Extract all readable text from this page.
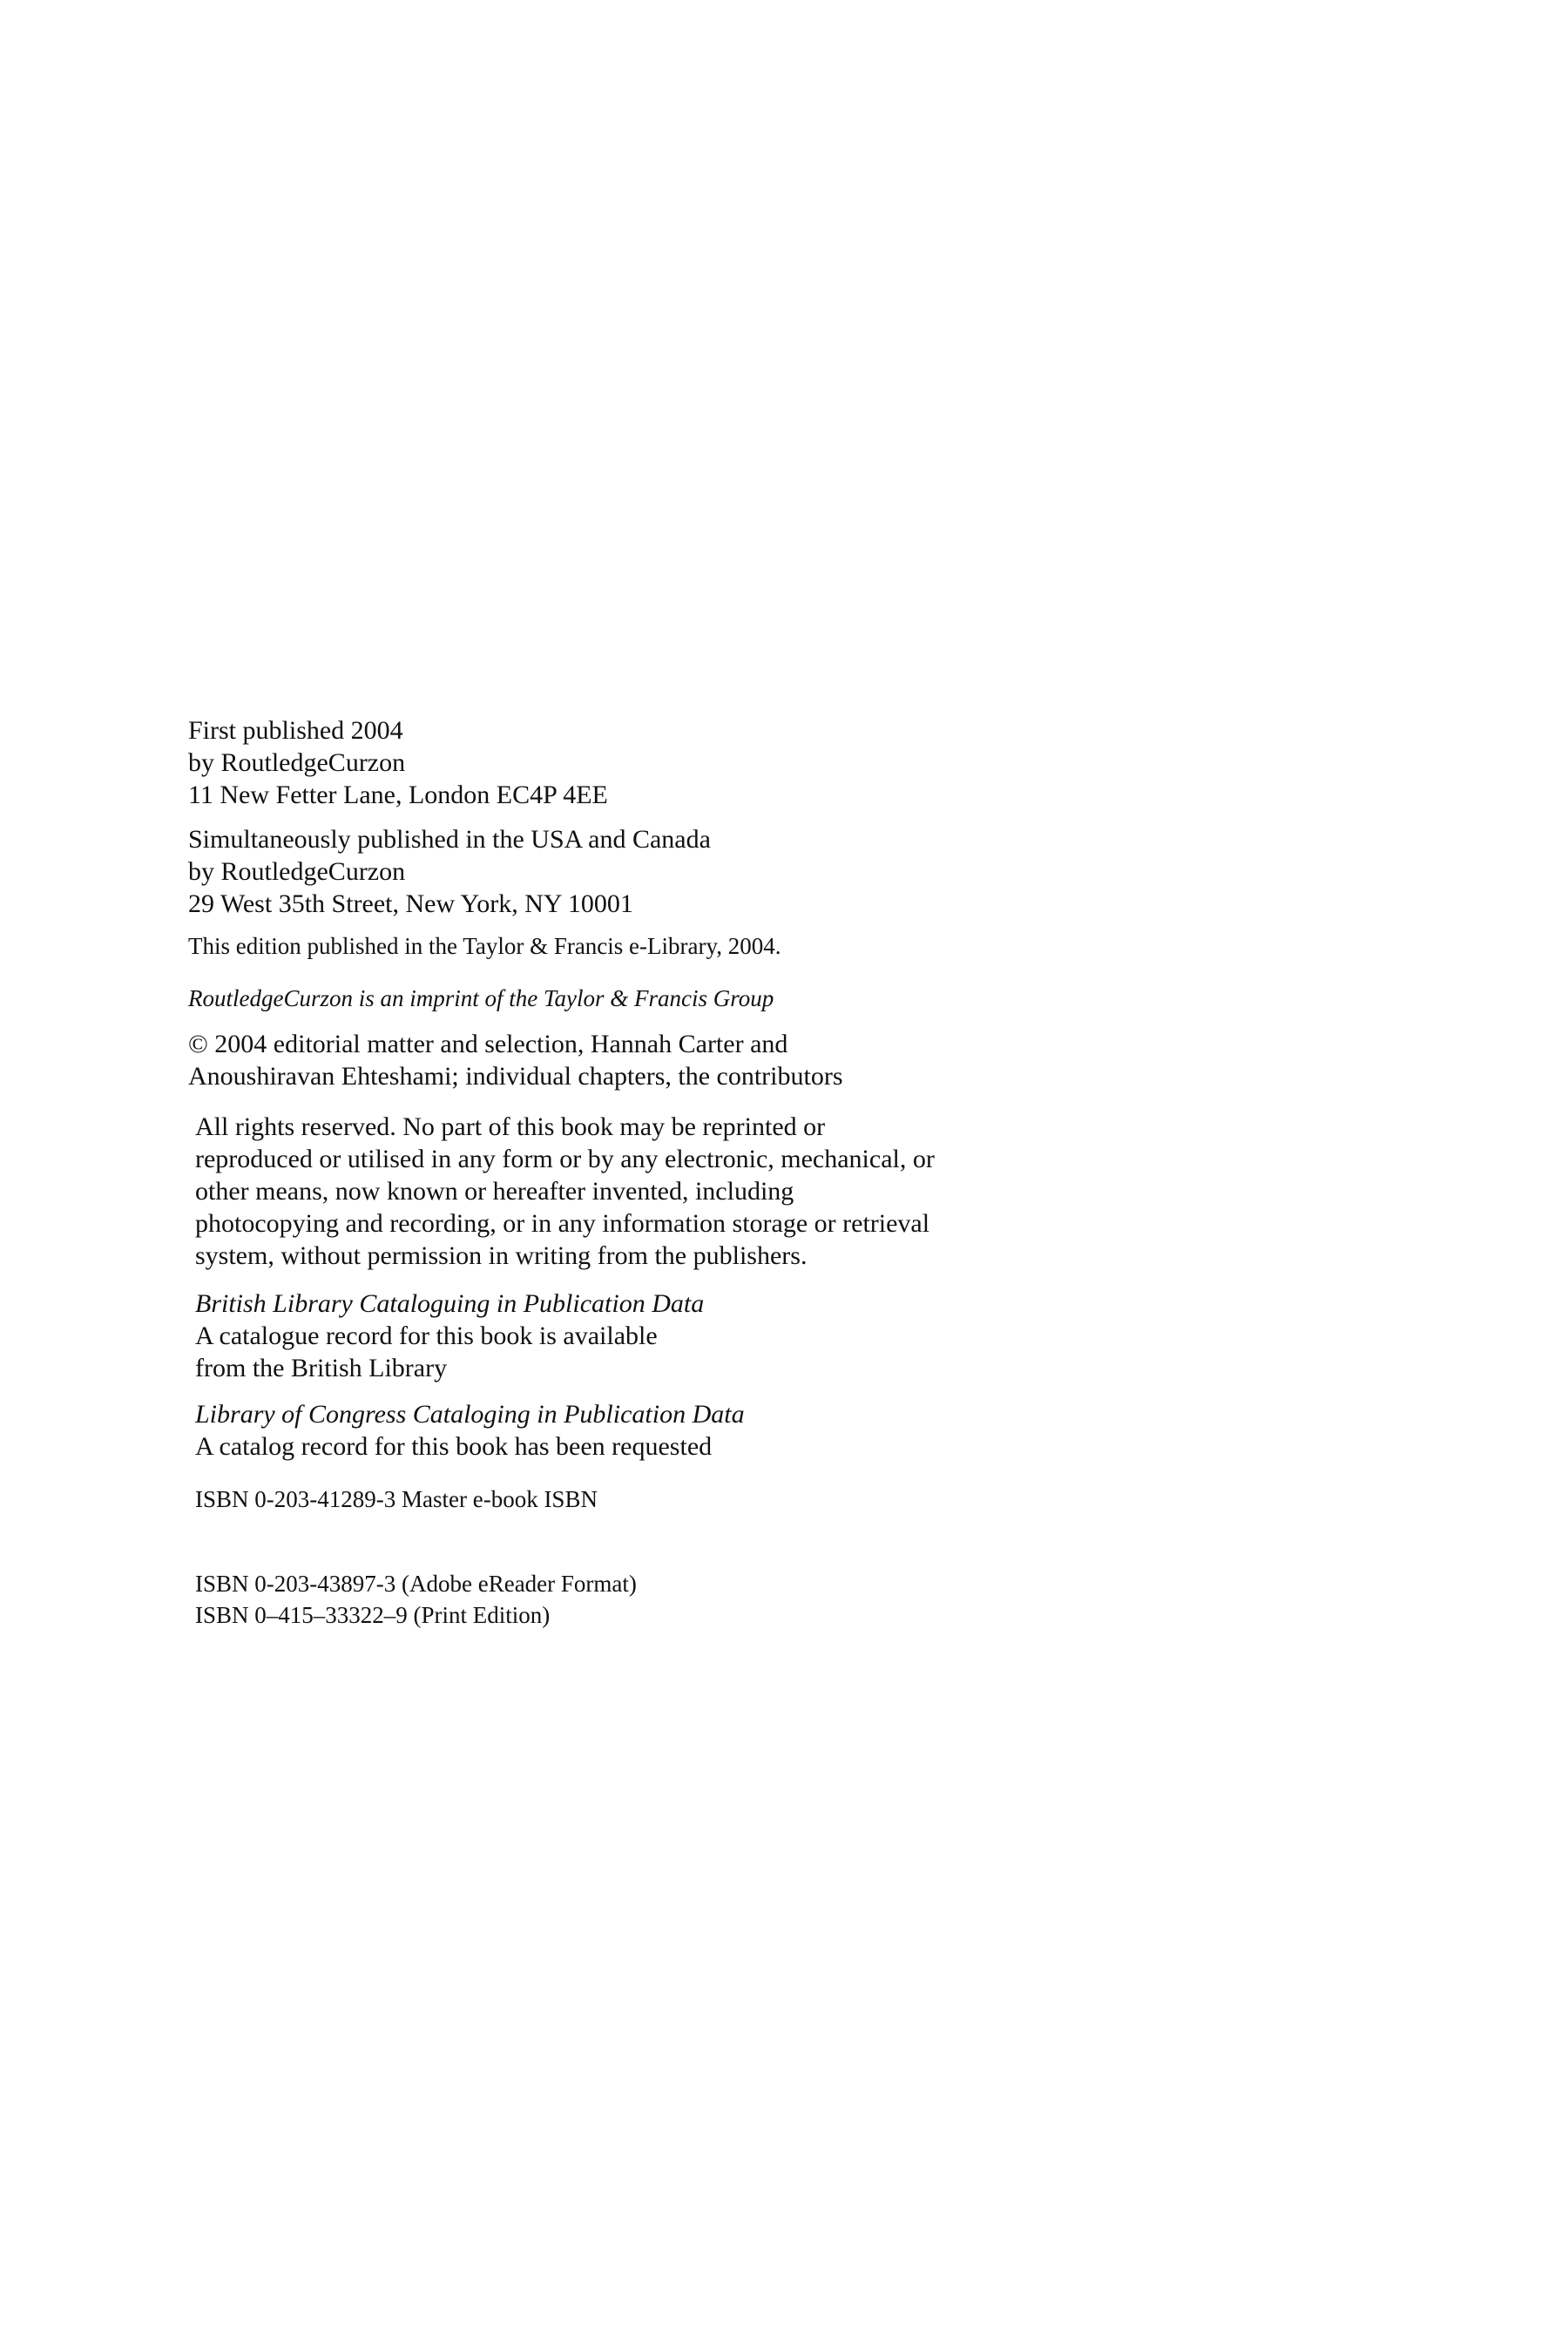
First published 2004
by RoutledgeCurzon
11 New Fetter Lane, London EC4P 4EE
Simultaneously published in the USA and Canada
by RoutledgeCurzon
29 West 35th Street, New York, NY 10001
This edition published in the Taylor & Francis e-Library, 2004.
RoutledgeCurzon is an imprint of the Taylor & Francis Group
© 2004 editorial matter and selection, Hannah Carter and
Anoushiravan Ehteshami; individual chapters, the contributors
All rights reserved. No part of this book may be reprinted or
reproduced or utilised in any form or by any electronic, mechanical, or
other means, now known or hereafter invented, including
photocopying and recording, or in any information storage or retrieval
system, without permission in writing from the publishers.
British Library Cataloguing in Publication Data
A catalogue record for this book is available
from the British Library
Library of Congress Cataloging in Publication Data
A catalog record for this book has been requested
ISBN 0-203-41289-3 Master e-book ISBN
ISBN 0-203-43897-3 (Adobe eReader Format)
ISBN 0–415–33322–9 (Print Edition)
